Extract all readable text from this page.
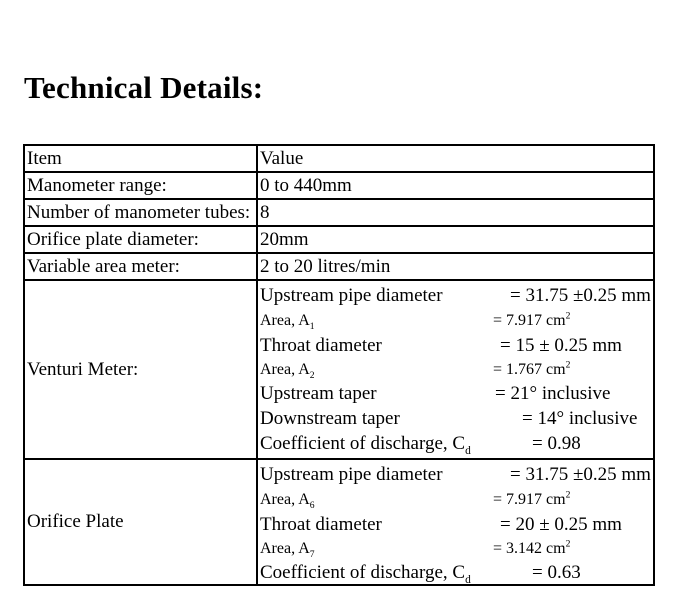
Technical Details:
Item	Value
Manometer range:	0 to 440mm
Number of manometer tubes: 8
Orifice plate diameter:	20mm
Variable area meter:	2 to 20 litres/min
Venturi Meter:
Upstream pipe diameter	= 31.75 ±0.25 mm
Area, $A_1$	= 7.917 $cm^2$
Throat diameter	= 15 ± 0.25 mm
Area, $A_2$	= 1.767 $cm^2$
Upstream taper	= 21° inclusive
Downstream taper	= 14° inclusive
Coefficient of discharge, $C_d$	= 0.98
Orifice Plate
Upstream pipe diameter	= 31.75 ±0.25 mm
Area, $A_6$	= 7.917 $cm^2$
Throat diameter	= 20 ± 0.25 mm
Area, $A_7$	= 3.142 $cm^2$
Coefficient of discharge, $C_d$	= 0.63
